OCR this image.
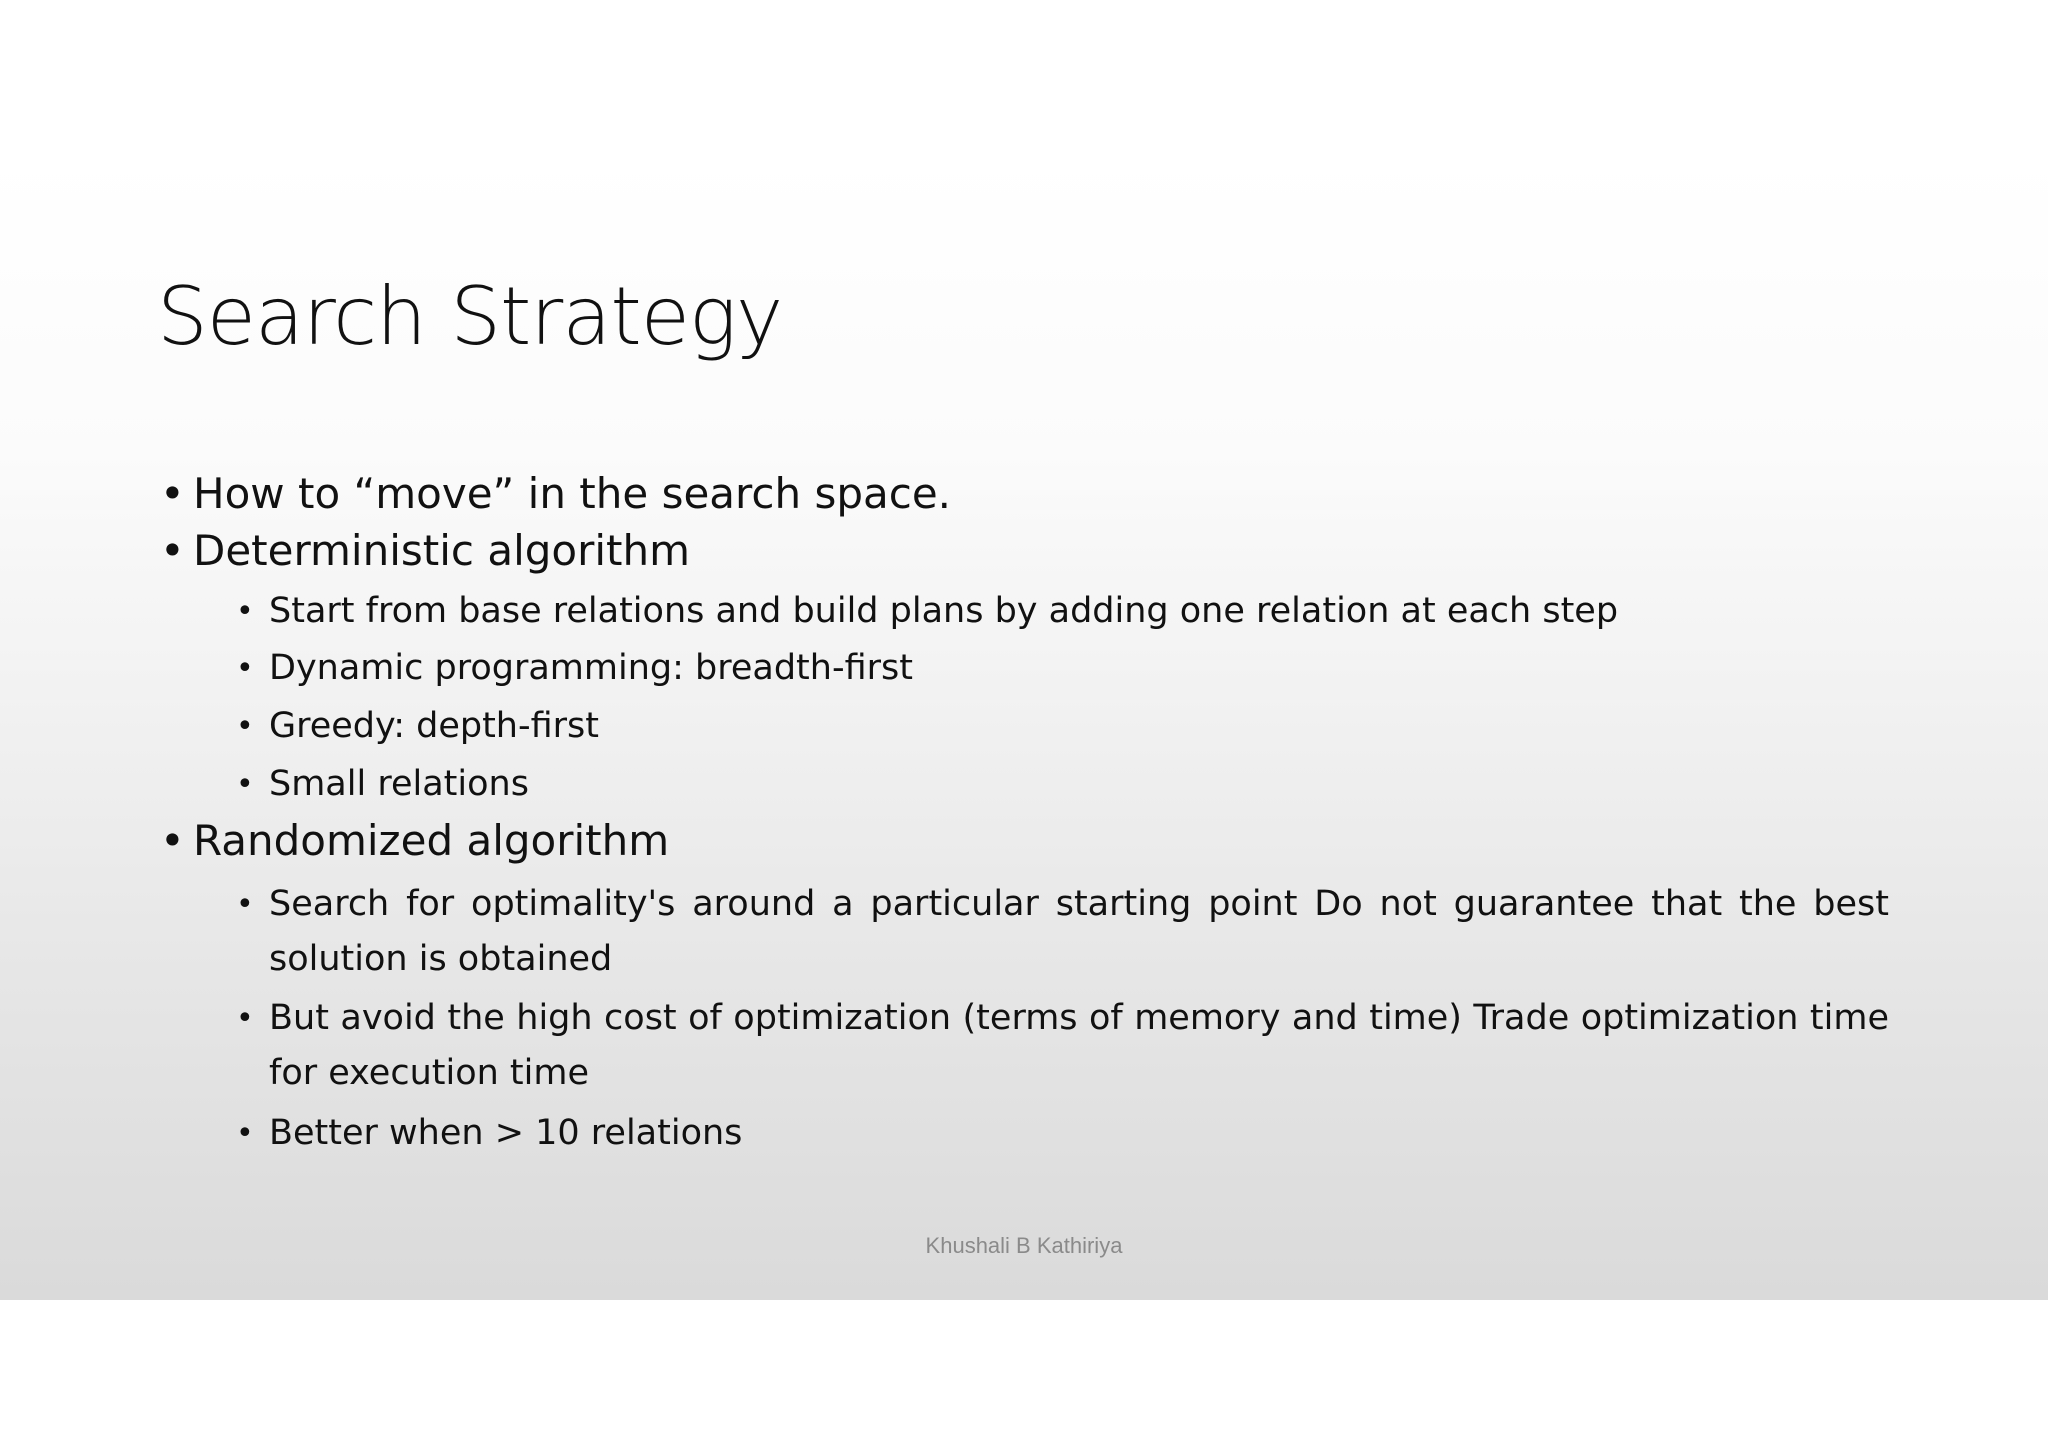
Search Strategy
• How to “move” in the search space.
• Deterministic algorithm
• Start from base relations and build plans by adding one relation at each step
• Dynamic programming: breadth-first
• Greedy: depth-first
• Small relations
• Randomized algorithm
• Search for optimality's around a particular starting point Do not guarantee that the best solution is obtained
• But avoid the high cost of optimization (terms of memory and time) Trade optimization time for execution time
• Better when > 10 relations
Khushali B Kathiriya
